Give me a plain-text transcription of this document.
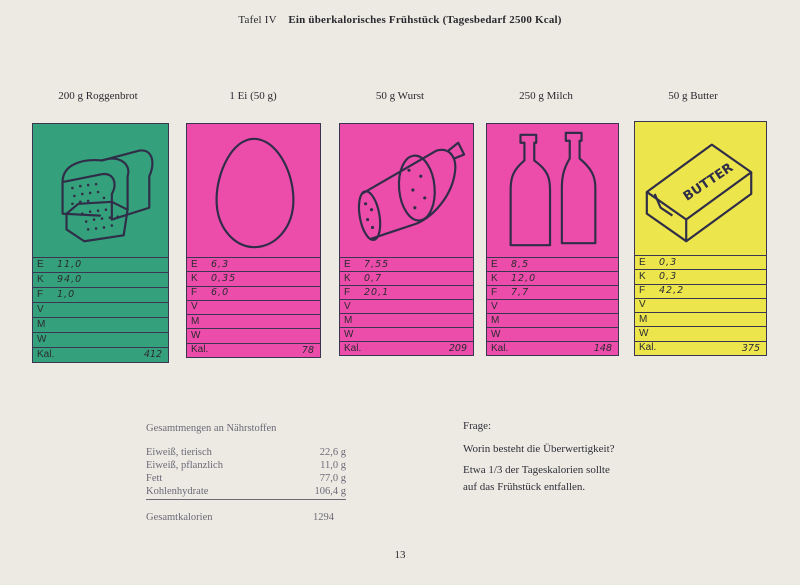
Tafel IV Ein überkalorisches Frühstück (Tagesbedarf 2500 Kcal)
200 g Roggenbrot	1 Ei (50 g)	50 g Wurst	250 g Milch	50 g Butter
E	11,0
K	94,0
F	1,0
V
M
W
Kal.	412
E	6,3
K	0,35
F	6,0
V
M
W
Kal.	78
E	7,55
K	0,7
F	20,1
V
M
W
Kal.	209
E	8,5
K	12,0
F	7,7
V
M
W
Kal.	148
BUTTER
E	0,3
K	0,3
F	42,2
V
M
W
Kal.	375
Gesamtmengen an Nährstoffen
Eiweiß, tierisch	22,6 g
Eiweiß, pflanzlich	11,0 g
Fett	77,0 g
Kohlenhydrate	106,4 g
Gesamtkalorien	1294
Frage:
Worin besteht die Überwertigkeit?
Etwa 1/3 der Tageskalorien sollte
auf das Frühstück entfallen.
13
